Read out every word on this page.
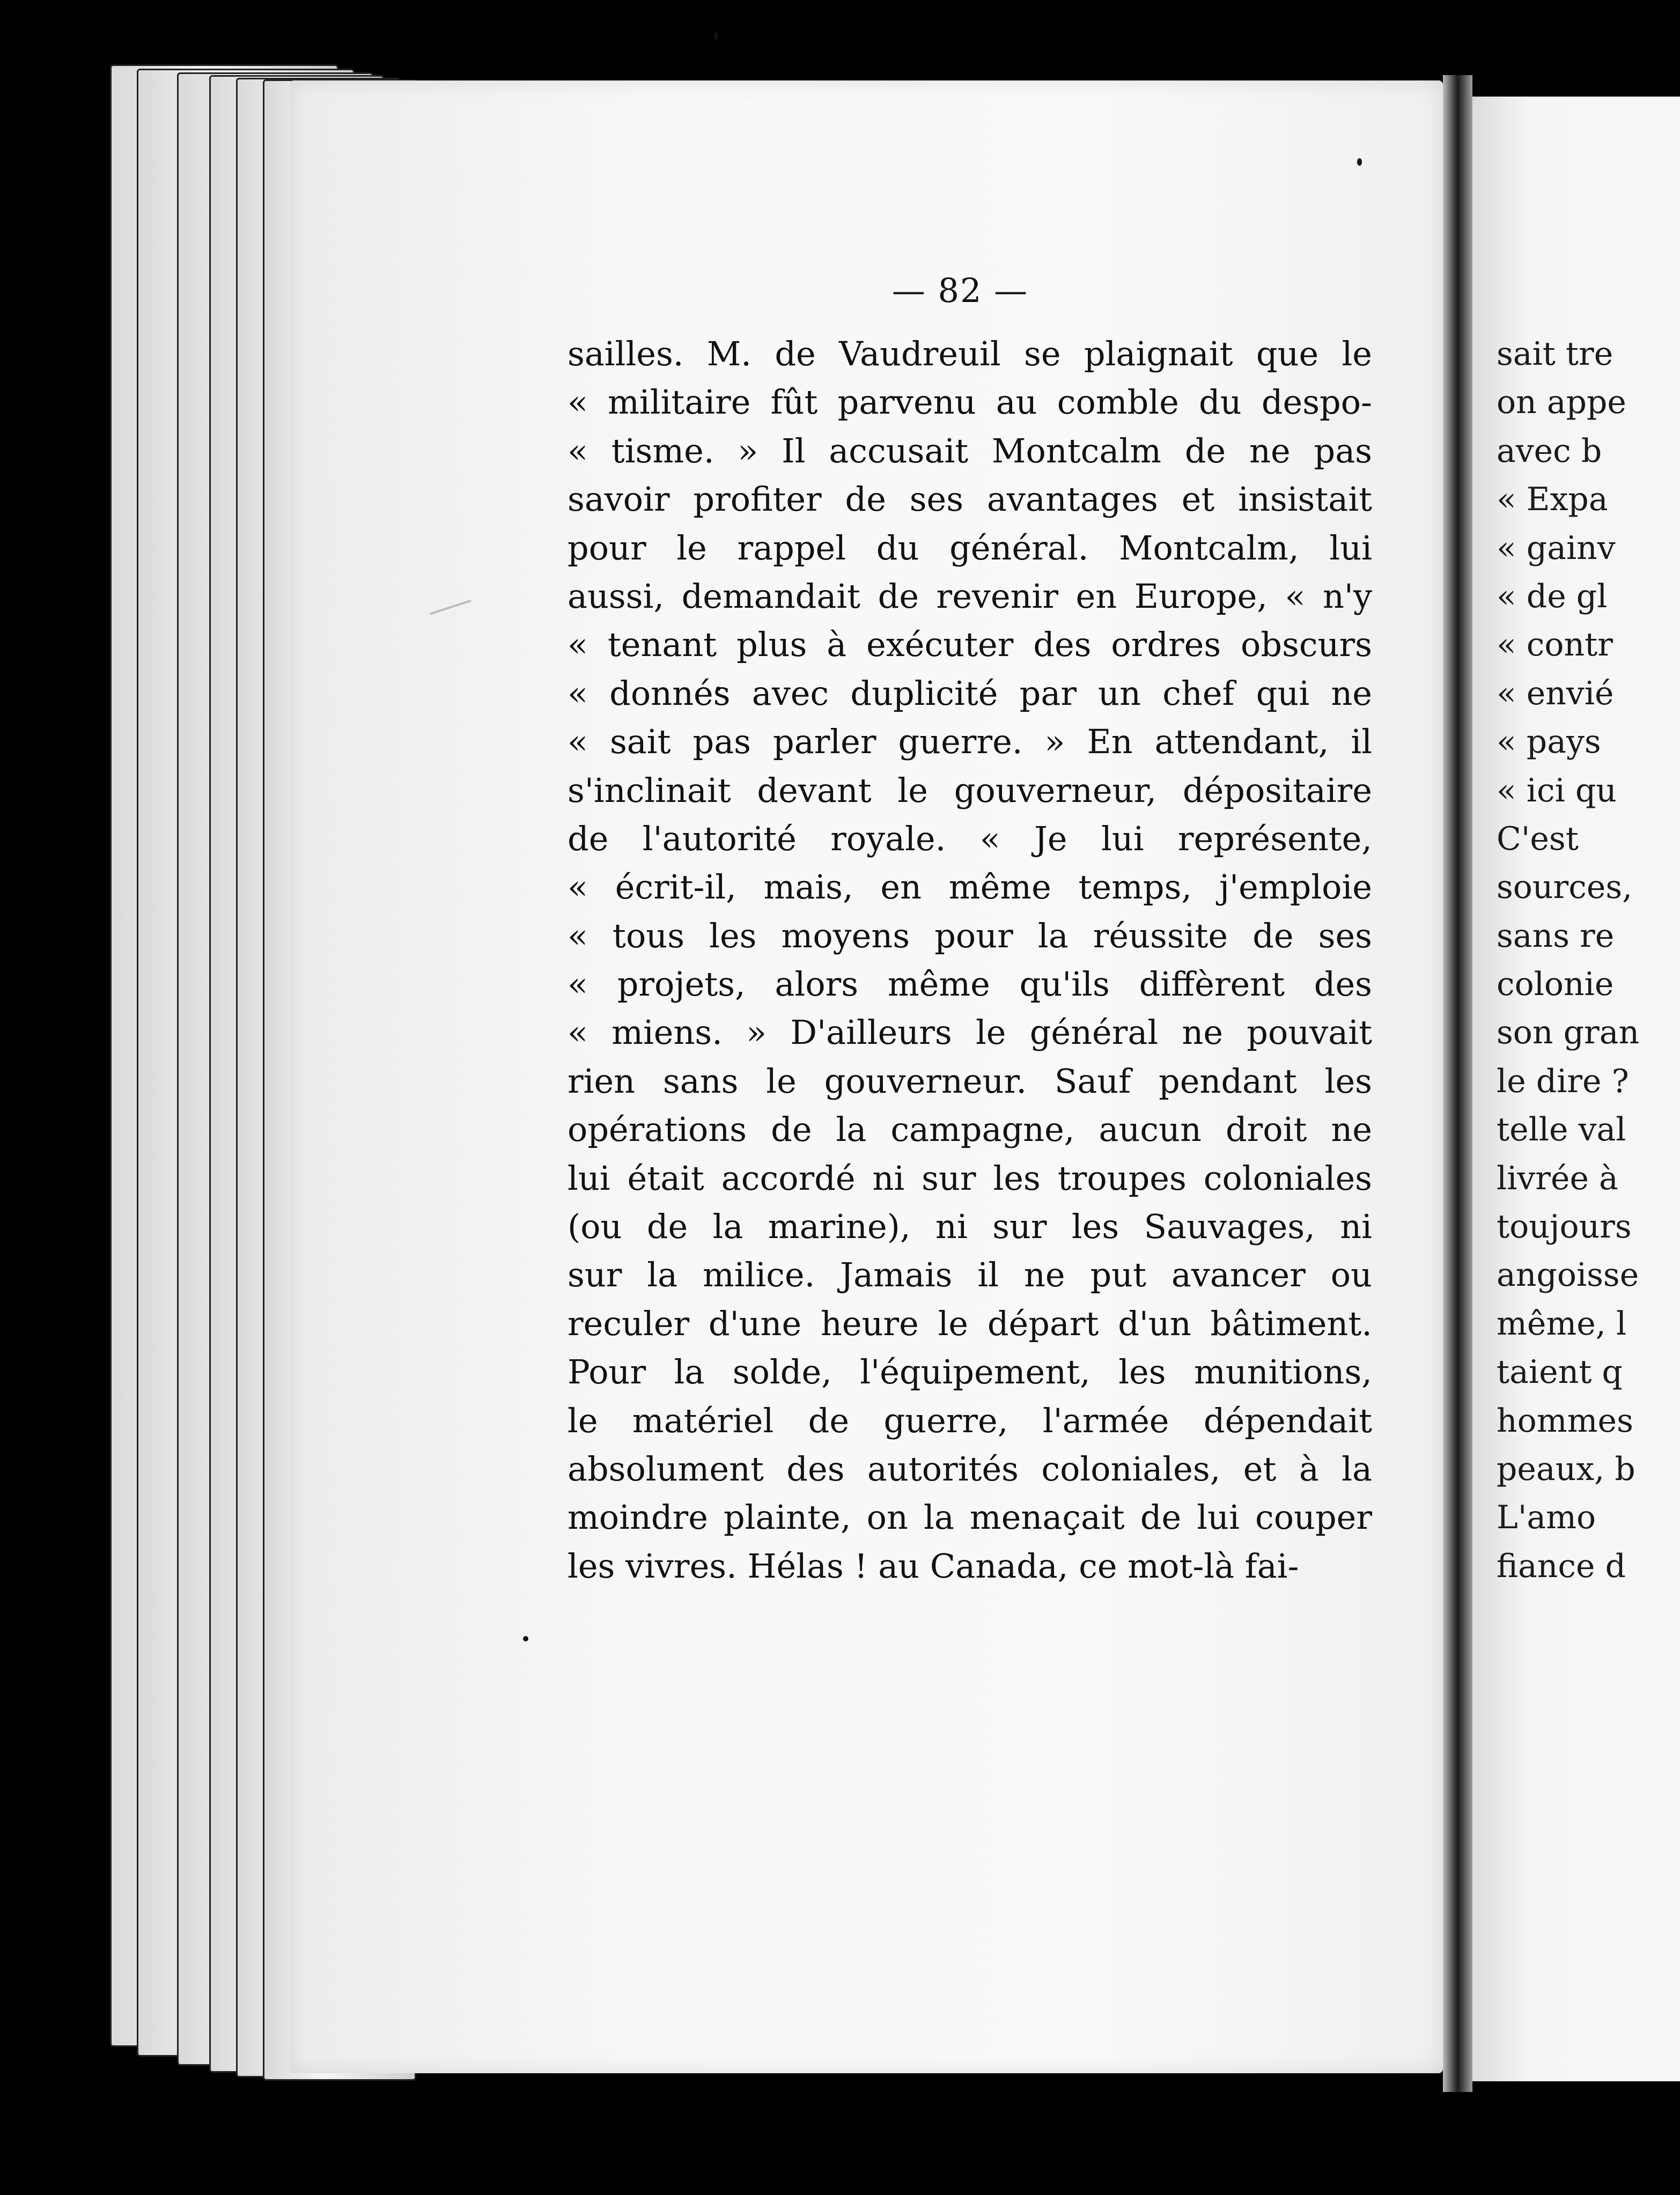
— 82 —
sailles. M. de Vaudreuil se plaignait que le
« militaire fût parvenu au comble du despo-
« tisme. » Il accusait Montcalm de ne pas
savoir profiter de ses avantages et insistait
pour le rappel du général. Montcalm, lui
aussi, demandait de revenir en Europe, « n'y
« tenant plus à exécuter des ordres obscurs
« donnés avec duplicité par un chef qui ne
« sait pas parler guerre. » En attendant, il
s'inclinait devant le gouverneur, dépositaire
de l'autorité royale. « Je lui représente,
« écrit-il, mais, en même temps, j'emploie
« tous les moyens pour la réussite de ses
« projets, alors même qu'ils diffèrent des
« miens. » D'ailleurs le général ne pouvait
rien sans le gouverneur. Sauf pendant les
opérations de la campagne, aucun droit ne
lui était accordé ni sur les troupes coloniales
(ou de la marine), ni sur les Sauvages, ni
sur la milice. Jamais il ne put avancer ou
reculer d'une heure le départ d'un bâtiment.
Pour la solde, l'équipement, les munitions,
le matériel de guerre, l'armée dépendait
absolument des autorités coloniales, et à la
moindre plainte, on la menaçait de lui couper
les vivres. Hélas ! au Canada, ce mot-là fai-
sait tre
on appe
avec b
« Expa
« gainv
« de gl
« contr
« envié
« pays
« ici qu
C'est
sources,
sans re
colonie
son gran
le dire ?
telle val
livrée à
toujours
angoisse
même, l
taient q
hommes
peaux, b
L'amo
fiance d
